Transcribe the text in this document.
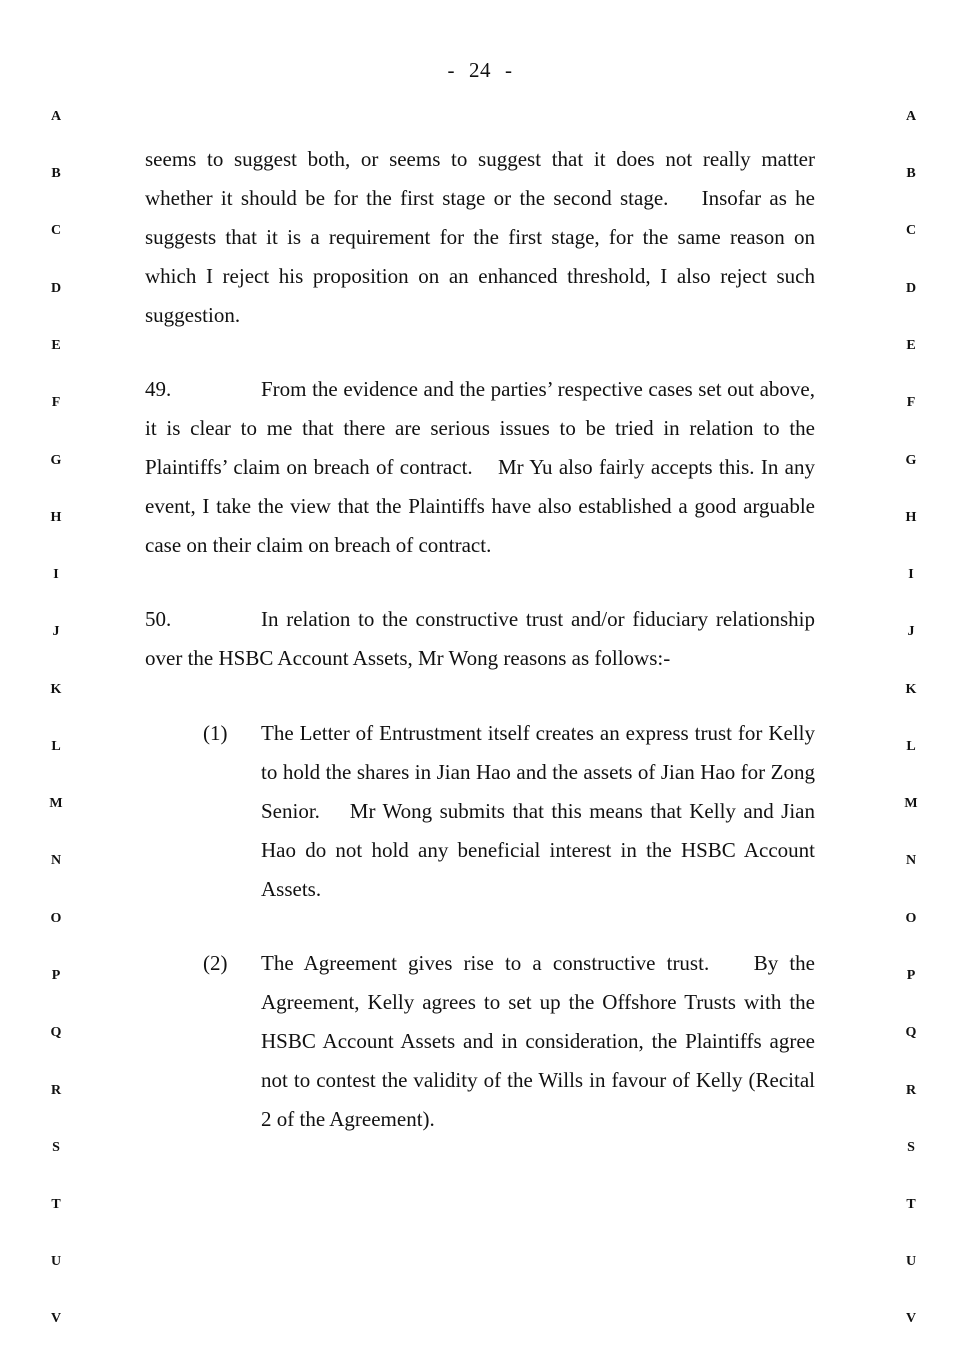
- 24 -
A
B
C
D
E
F
G
H
I
J
K
L
M
N
O
P
Q
R
S
T
U
V
A
B
C
D
E
F
G
H
I
J
K
L
M
N
O
P
Q
R
S
T
U
V
seems to suggest both, or seems to suggest that it does not really matter whether it should be for the first stage or the second stage.    Insofar as he suggests that it is a requirement for the first stage, for the same reason on which I reject his proposition on an enhanced threshold, I also reject such suggestion.
49.	From the evidence and the parties’ respective cases set out above, it is clear to me that there are serious issues to be tried in relation to the Plaintiffs’ claim on breach of contract.    Mr Yu also fairly accepts this. In any event, I take the view that the Plaintiffs have also established a good arguable case on their claim on breach of contract.
50.	In relation to the constructive trust and/or fiduciary relationship over the HSBC Account Assets, Mr Wong reasons as follows:-
(1) The Letter of Entrustment itself creates an express trust for Kelly to hold the shares in Jian Hao and the assets of Jian Hao for Zong Senior.    Mr Wong submits that this means that Kelly and Jian Hao do not hold any beneficial interest in the HSBC Account Assets.
(2) The Agreement gives rise to a constructive trust.    By the Agreement, Kelly agrees to set up the Offshore Trusts with the HSBC Account Assets and in consideration, the Plaintiffs agree not to contest the validity of the Wills in favour of Kelly (Recital 2 of the Agreement).
